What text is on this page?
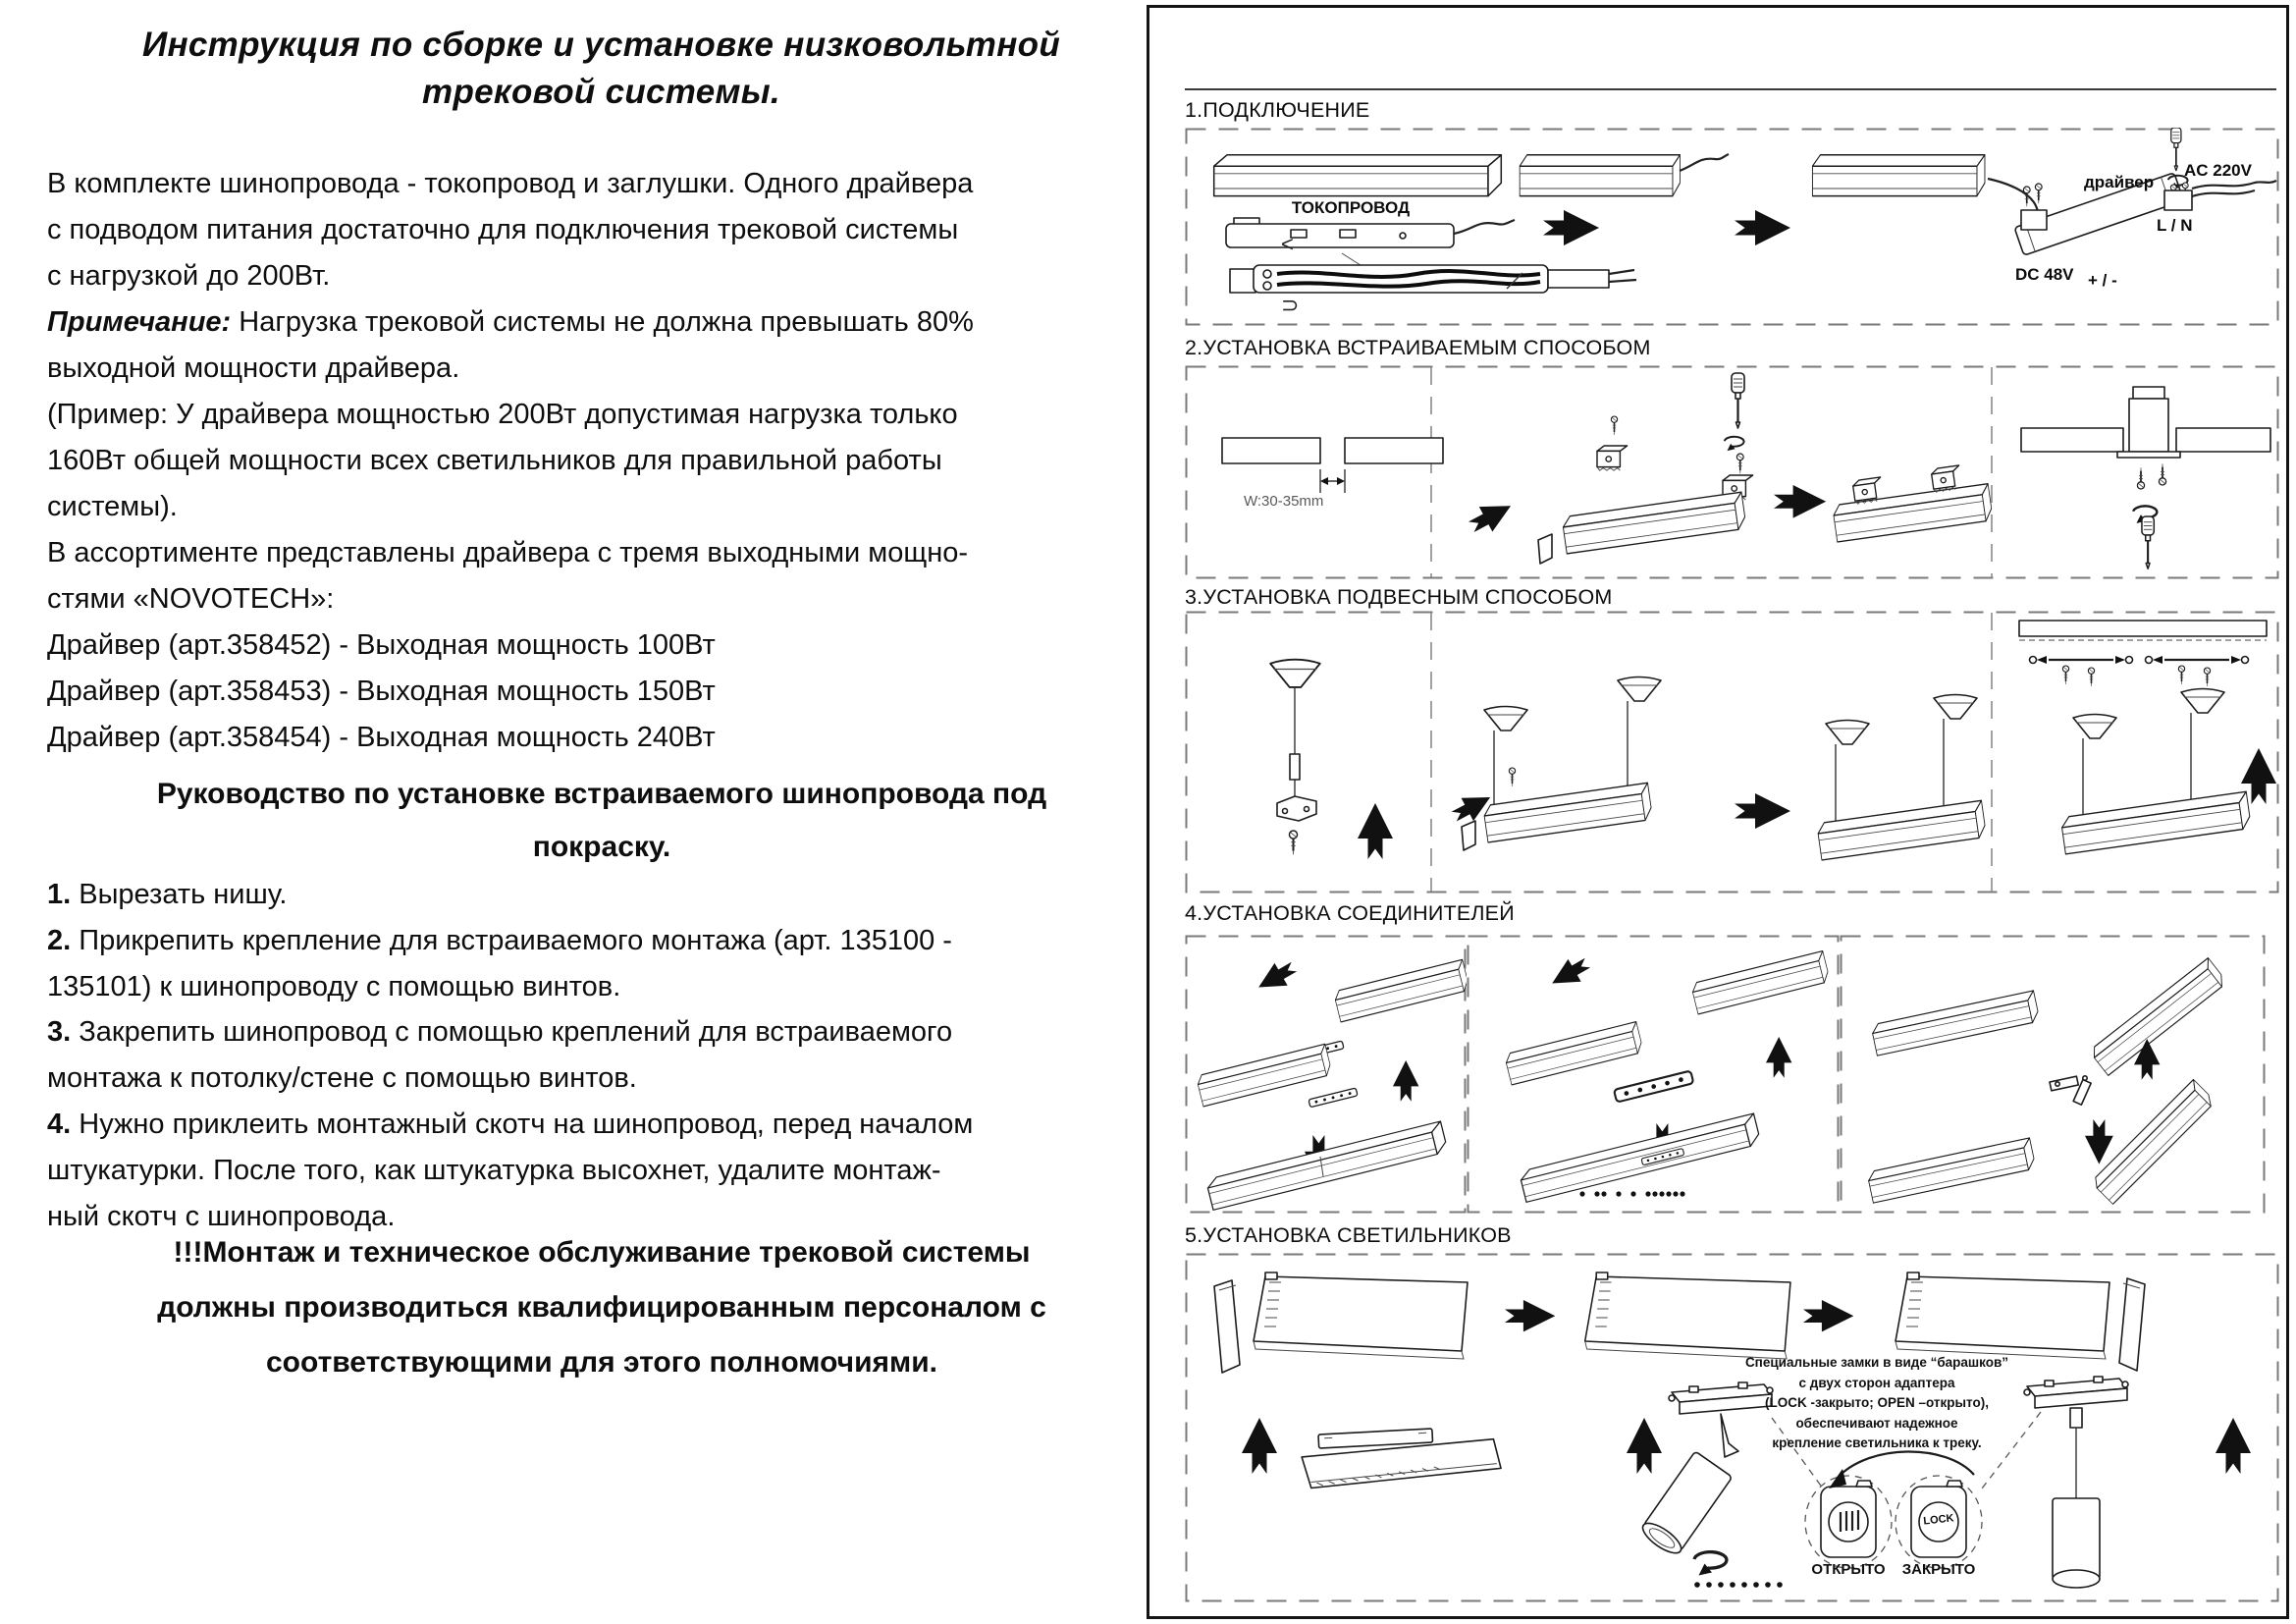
Инструкция по сборке и установке низковольтной
трековой системы.
В комплекте шинопровода - токопровод и заглушки. Одного драйвера
с подводом питания достаточно для подключения трековой системы
с нагрузкой до 200Вт.
Примечание: Нагрузка трековой системы не должна превышать 80%
выходной мощности драйвера.
(Пример: У драйвера мощностью 200Вт допустимая нагрузка только
160Вт общей мощности всех светильников для правильной работы
системы).
В ассортименте представлены драйвера с тремя выходными мощно-
стями «NOVOTECH»:
Драйвер (арт.358452) - Выходная мощность 100Вт
Драйвер (арт.358453) - Выходная мощность 150Вт
Драйвер (арт.358454) - Выходная мощность 240Вт
Руководство по установке встраиваемого шинопровода под
покраску.
1. Вырезать нишу.
2. Прикрепить крепление для встраиваемого монтажа (арт. 135100 -
135101) к шинопроводу с помощью винтов.
3. Закрепить шинопровод с помощью креплений для встраиваемого
монтажа к потолку/стене с помощью винтов.
4. Нужно приклеить монтажный скотч на шинопровод, перед началом
штукатурки. После того, как штукатурка высохнет, удалите монтаж-
ный скотч с шинопровода.
!!!Монтаж и техническое обслуживание трековой системы
должны производиться квалифицированным персоналом с
соответствующими для этого полномочиями.
1.ПОДКЛЮЧЕНИЕ
2.УСТАНОВКА ВСТРАИВАЕМЫМ СПОСОБОМ
3.УСТАНОВКА ПОДВЕСНЫМ СПОСОБОМ
4.УСТАНОВКА СОЕДИНИТЕЛЕЙ
5.УСТАНОВКА СВЕТИЛЬНИКОВ
ТОКОПРОВОД
<
⊃
драйвер
AC 220V
L / N
DC 48V + / -
W:30-35mm
Специальные замки в виде “барашков”
с двух сторон адаптера
(LOCK -закрыто; OPEN –открыто),
обеспечивают надежное
крепление светильника к треку.
LOCK
ОТКРЫТО	ЗАКРЫТО
